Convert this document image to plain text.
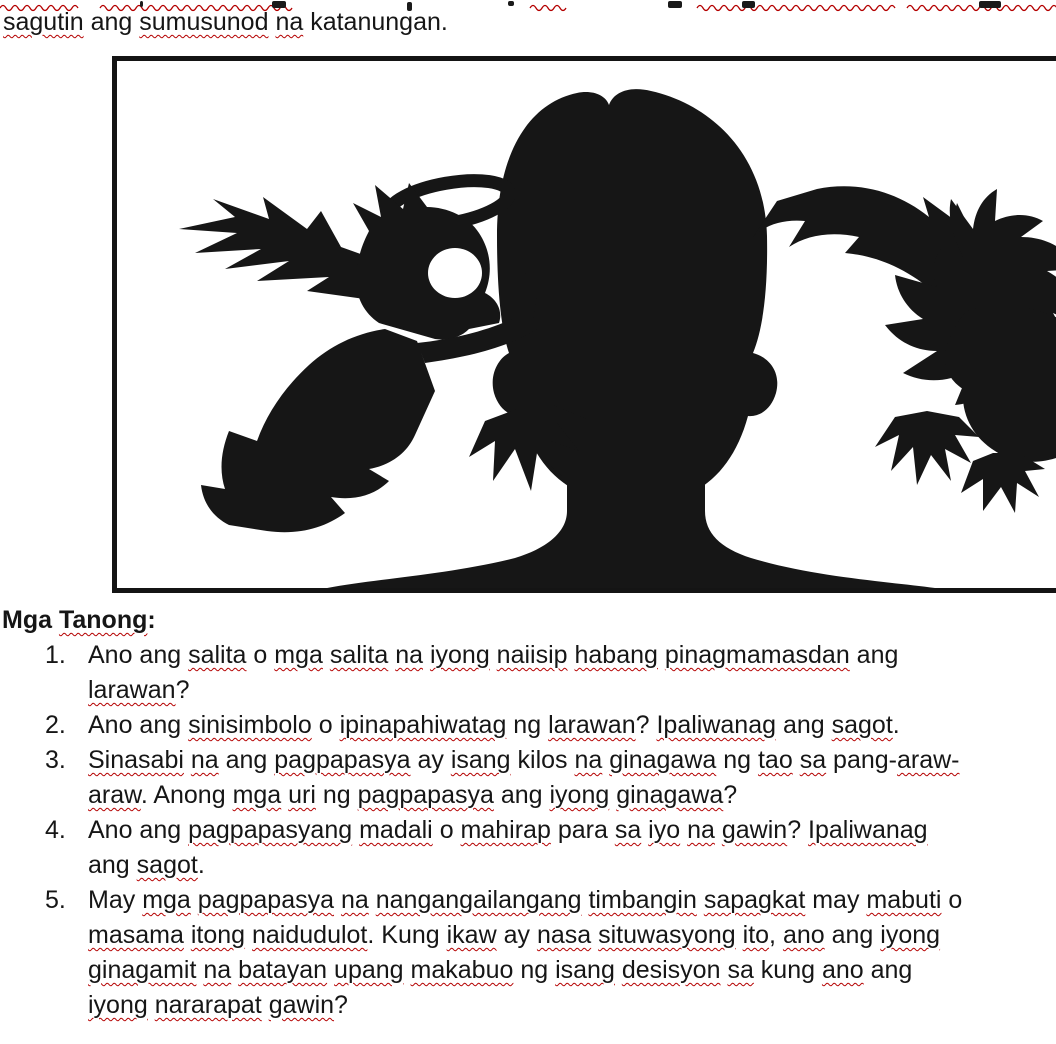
sagutin ang sumusunod na katanungan.
Mga Tanong:
1. Ano ang salita o mga salita na iyong naiisip habang pinagmamasdan ang
larawan?
2. Ano ang sinisimbolo o ipinapahiwatag ng larawan? Ipaliwanag ang sagot.
3. Sinasabi na ang pagpapasya ay isang kilos na ginagawa ng tao sa pang-araw-
araw. Anong mga uri ng pagpapasya ang iyong ginagawa?
4. Ano ang pagpapasyang madali o mahirap para sa iyo na gawin? Ipaliwanag
ang sagot.
5. May mga pagpapasya na nangangailangang timbangin sapagkat may mabuti o
masama itong naidudulot. Kung ikaw ay nasa situwasyong ito, ano ang iyong
ginagamit na batayan upang makabuo ng isang desisyon sa kung ano ang
iyong nararapat gawin?
